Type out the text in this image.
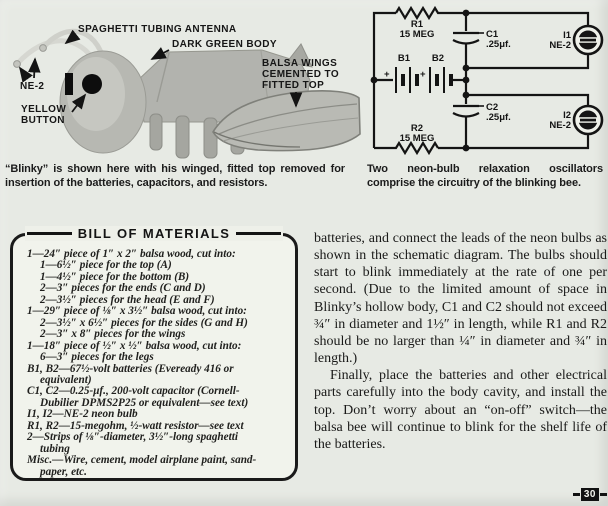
SPAGHETTI TUBING ANTENNA
DARK GREEN BODY
NE-2
YELLOW
BUTTON
BALSA WINGS
CEMENTED TO
FITTED TOP
R1
15 MEG	C1
.25μf.
+	+
B1 B2
I1
NE-2
C2
.25μf.	I2
NE-2
R2
15 MEG
“Blinky” is shown here with his winged, fitted top removed for insertion of the batteries, capacitors, and resistors.
Two neon-bulb relaxation oscillators comprise the circuitry of the blinking bee.
BILL OF MATERIALS
1—24″ piece of 1″ x 2″ balsa wood, cut into:
1—6½″ piece for the top (A)
1—4½″ piece for the bottom (B)
2—3″ pieces for the ends (C and D)
2—3½″ pieces for the head (E and F)
1—29″ piece of ⅛″ x 3½″ balsa wood, cut into:
2—3½″ x 6½″ pieces for the sides (G and H)
2—3″ x 8″ pieces for the wings
1—18″ piece of ½″ x ½″ balsa wood, cut into:
6—3″ pieces for the legs
B1, B2—67½-volt batteries (Eveready 416 or
equivalent)
C1, C2—0.25-μf., 200-volt capacitor (Cornell-
Dubilier DPMS2P25 or equivalent—see text)
I1, I2—NE-2 neon bulb
R1, R2—15-megohm, ½-watt resistor—see text
2—Strips of ⅛″-diameter, 3½″-long spaghetti
tubing
Misc.—Wire, cement, model airplane paint, sand-
paper, etc.

batteries, and connect the leads of the neon bulbs as shown in the schematic diagram. The bulbs should start to blink immediately at the rate of one per second. (Due to the limited amount of space in Blinky’s hollow body, C1 and C2 should not exceed ¾″ in diameter and 1½″ in length, while R1 and R2 should be no larger than ¼″ in diameter and ¾″ in length.)

Finally, place the batteries and other electrical parts carefully into the body cavity, and install the top. Don’t worry about an “on-off” switch—the balsa bee will continue to blink for the shelf life of the batteries.

30
